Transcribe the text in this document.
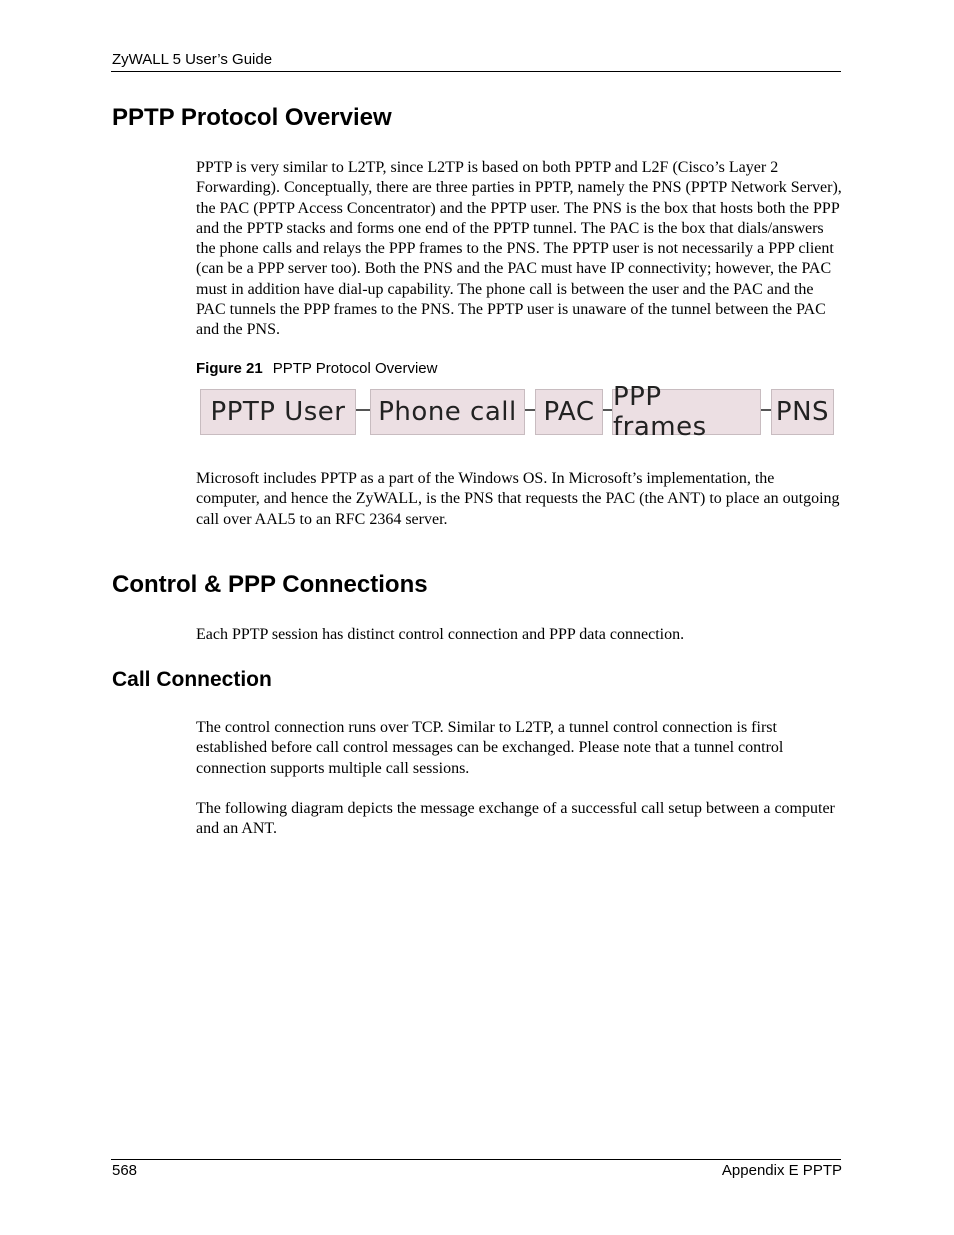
ZyWALL 5 User’s Guide
PPTP Protocol Overview

PPTP is very similar to L2TP, since L2TP is based on both PPTP and L2F (Cisco’s Layer 2 Forwarding). Conceptually, there are three parties in PPTP, namely the PNS (PPTP Network Server), the PAC (PPTP Access Concentrator) and the PPTP user. The PNS is the box that hosts both the PPP and the PPTP stacks and forms one end of the PPTP tunnel. The PAC is the box that dials/answers the phone calls and relays the PPP frames to the PNS. The PPTP user is not necessarily a PPP client (can be a PPP server too). Both the PNS and the PAC must have IP connectivity; however, the PAC must in addition have dial-up capability. The phone call is between the user and the PAC and the PAC tunnels the PPP frames to the PNS. The PPTP user is unaware of the tunnel between the PAC and the PNS.

Figure 21 PPTP Protocol Overview
PPTP User	Phone call	PAC PPP frames	PNS

Microsoft includes PPTP as a part of the Windows OS. In Microsoft’s implementation, the computer, and hence the ZyWALL, is the PNS that requests the PAC (the ANT) to place an outgoing call over AAL5 to an RFC 2364 server.

Control & PPP Connections

Each PPTP session has distinct control connection and PPP data connection.

Call Connection

The control connection runs over TCP. Similar to L2TP, a tunnel control connection is first established before call control messages can be exchanged. Please note that a tunnel control connection supports multiple call sessions.

The following diagram depicts the message exchange of a successful call setup between a computer and an ANT.

568	Appendix E PPTP
